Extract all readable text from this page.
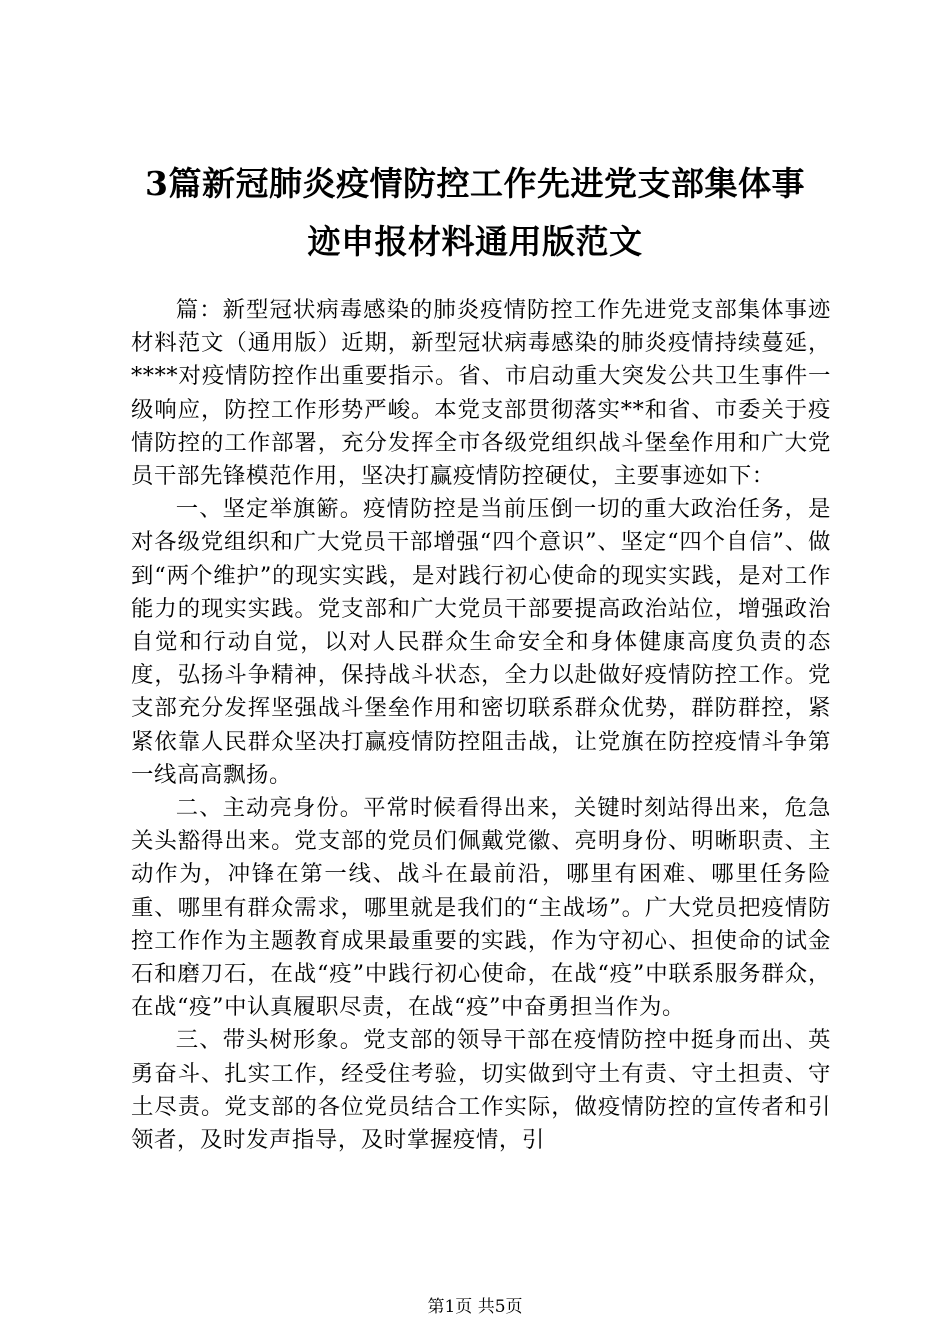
3篇新冠肺炎疫情防控工作先进党支部集体事
迹申报材料通用版范文

篇：新型冠状病毒感染的肺炎疫情防控工作先进党支部集体事迹材料范文（通用版）近期，新型冠状病毒感染的肺炎疫情持续蔓延，****对疫情防控作出重要指示。省、市启动重大突发公共卫生事件一级响应，防控工作形势严峻。本党支部贯彻落实**和省、市委关于疫情防控的工作部署，充分发挥全市各级党组织战斗堡垒作用和广大党员干部先锋模范作用，坚决打赢疫情防控硬仗，主要事迹如下：

一、坚定举旗簖。疫情防控是当前压倒一切的重大政治任务，是对各级党组织和广大党员干部增强“四个意识”、坚定“四个自信”、做到“两个维护”的现实实践，是对践行初心使命的现实实践，是对工作能力的现实实践。党支部和广大党员干部要提高政治站位，增强政治自觉和行动自觉，以对人民群众生命安全和身体健康高度负责的态度，弘扬斗争精神，保持战斗状态，全力以赴做好疫情防控工作。党支部充分发挥坚强战斗堡垒作用和密切联系群众优势，群防群控，紧紧依靠人民群众坚决打赢疫情防控阻击战，让党旗在防控疫情斗争第一线高高飘扬。

二、主动亮身份。平常时候看得出来，关键时刻站得出来，危急关头豁得出来。党支部的党员们佩戴党徽、亮明身份、明晰职责、主动作为，冲锋在第一线、战斗在最前沿，哪里有困难、哪里任务险重、哪里有群众需求，哪里就是我们的“主战场”。广大党员把疫情防控工作作为主题教育成果最重要的实践，作为守初心、担使命的试金石和磨刀石，在战“疫”中践行初心使命，在战“疫”中联系服务群众，在战“疫”中认真履职尽责，在战“疫”中奋勇担当作为。

三、带头树形象。党支部的领导干部在疫情防控中挺身而出、英勇奋斗、扎实工作，经受住考验，切实做到守土有责、守土担责、守土尽责。党支部的各位党员结合工作实际，做疫情防控的宣传者和引领者，及时发声指导，及时掌握疫情，引

第1页 共5页
